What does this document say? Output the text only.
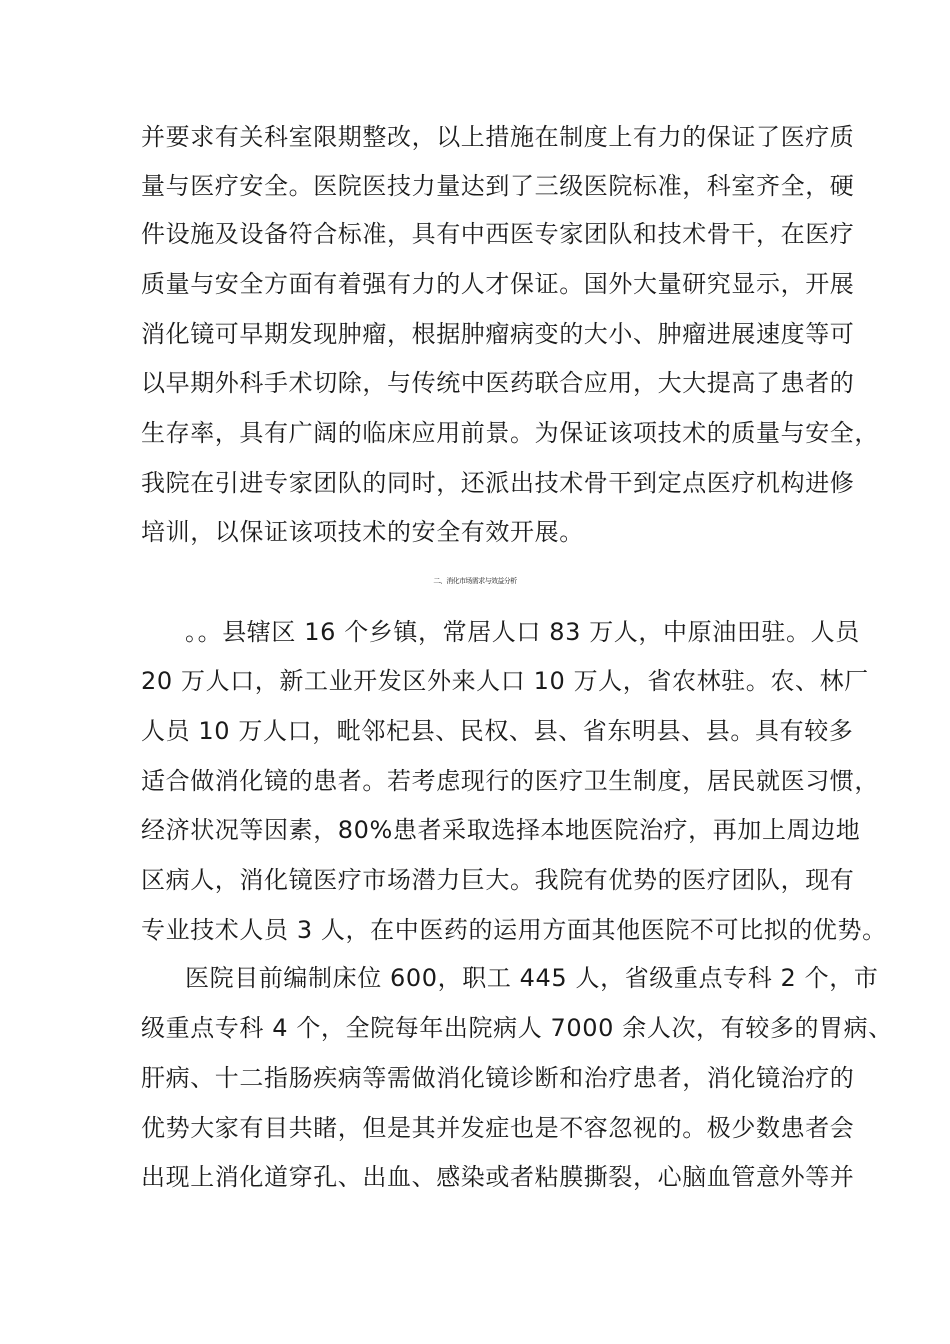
并要求有关科室限期整改，以上措施在制度上有力的保证了医疗质
量与医疗安全。医院医技力量达到了三级医院标准，科室齐全，硬
件设施及设备符合标准，具有中西医专家团队和技术骨干，在医疗
质量与安全方面有着强有力的人才保证。国外大量研究显示，开展
消化镜可早期发现肿瘤，根据肿瘤病变的大小、肿瘤进展速度等可
以早期外科手术切除，与传统中医药联合应用，大大提高了患者的
生存率，具有广阔的临床应用前景。为保证该项技术的质量与安全，
我院在引进专家团队的同时，还派出技术骨干到定点医疗机构进修
培训，以保证该项技术的安全有效开展。
二、消化市场需求与效益分析
。。县辖区 16 个乡镇，常居人口 83 万人，中原油田驻。人员
20 万人口，新工业开发区外来人口 10 万人，省农林驻。农、林厂
人员 10 万人口，毗邻杞县、民权、县、省东明县、县。具有较多
适合做消化镜的患者。若考虑现行的医疗卫生制度，居民就医习惯，
经济状况等因素，80%患者采取选择本地医院治疗，再加上周边地
区病人，消化镜医疗市场潜力巨大。我院有优势的医疗团队，现有
专业技术人员 3 人，在中医药的运用方面其他医院不可比拟的优势。
医院目前编制床位 600，职工 445 人，省级重点专科 2 个，市
级重点专科 4 个，全院每年出院病人 7000 余人次，有较多的胃病、
肝病、十二指肠疾病等需做消化镜诊断和治疗患者，消化镜治疗的
优势大家有目共睹，但是其并发症也是不容忽视的。极少数患者会
出现上消化道穿孔、出血、感染或者粘膜撕裂，心脑血管意外等并
